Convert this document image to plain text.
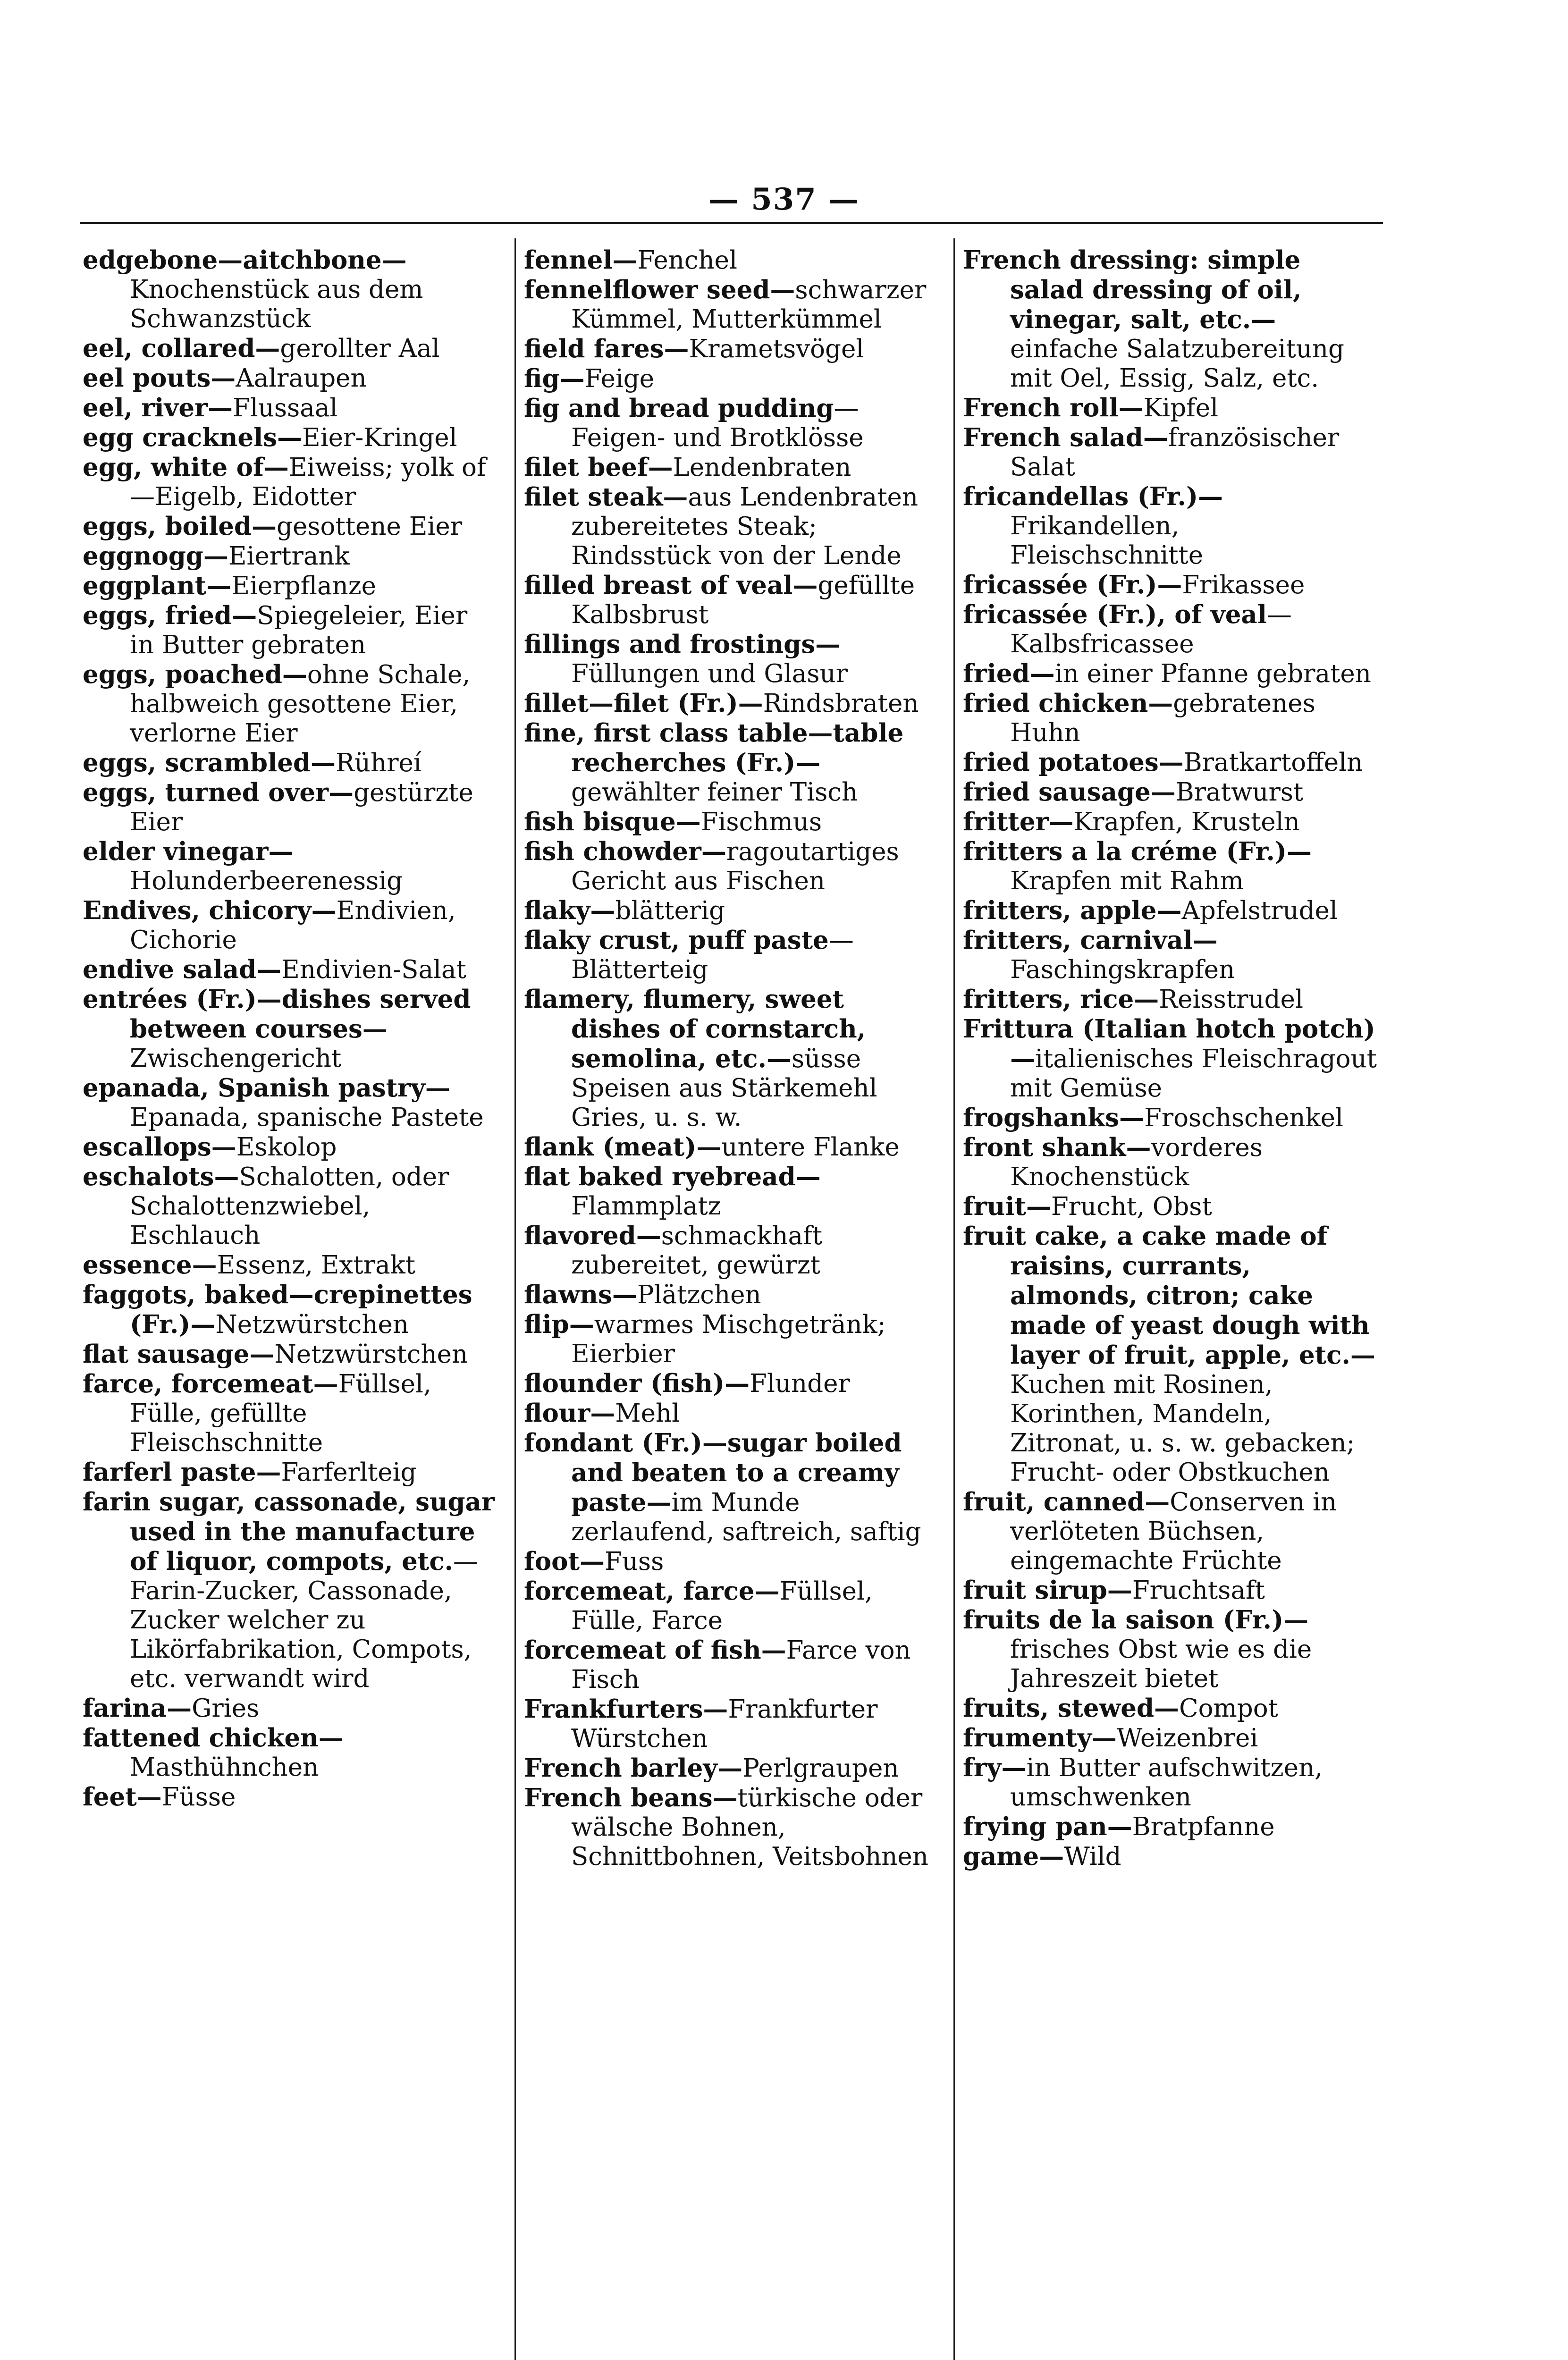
— 537 —

edgebone—aitchbone—Knochenstück aus dem Schwanzstück

eel, collared—gerollter Aal

eel pouts—Aalraupen

eel, river—Flussaal

egg cracknels—Eier-Kringel

egg, white of—Eiweiss; yolk of—Eigelb, Eidotter

eggs, boiled—gesottene Eier

eggnogg—Eiertrank

eggplant—Eierpflanze

eggs, fried—Spiegeleier, Eier in Butter gebraten

eggs, poached—ohne Schale, halbweich gesottene Eier, verlorne Eier

eggs, scrambled—Rühreí

eggs, turned over—gestürzte Eier

elder vinegar—Holunderbeerenessig

Endives, chicory—Endivien, Cichorie

endive salad—Endivien-Salat

entrées (Fr.)—dishes served between courses—Zwischengericht

epanada, Spanish pastry—Epanada, spanische Pastete

escallops—Eskolop

eschalots—Schalotten, oder Schalottenzwiebel, Eschlauch

essence—Essenz, Extrakt

faggots, baked—crepinettes (Fr.)—Netzwürstchen

flat sausage—Netzwürstchen

farce, forcemeat—Füllsel, Fülle, gefüllte Fleischschnitte

farferl paste—Farferlteig

farin sugar, cassonade, sugar used in the manufacture of liquor, compots, etc.—Farin-Zucker, Cassonade, Zucker welcher zu Likörfabrikation, Compots, etc. verwandt wird

farina—Gries

fattened chicken—Masthühnchen

feet—Füsse

fennel—Fenchel

fennelflower seed—schwarzer Kümmel, Mutterkümmel

field fares—Krametsvögel

fig—Feige

fig and bread pudding—Feigen- und Brotklösse

filet beef—Lendenbraten

filet steak—aus Lendenbraten zubereitetes Steak; Rindsstück von der Lende

filled breast of veal—gefüllte Kalbsbrust

fillings and frostings—Füllungen und Glasur

fillet—filet (Fr.)—Rindsbraten

fine, first class table—table recherches (Fr.)—gewählter feiner Tisch

fish bisque—Fischmus

fish chowder—ragoutartiges Gericht aus Fischen

flaky—blätterig

flaky crust, puff paste—Blätterteig

flamery, flumery, sweet dishes of cornstarch, semolina, etc.—süsse Speisen aus Stärkemehl Gries, u. s. w.

flank (meat)—untere Flanke

flat baked ryebread—Flammplatz

flavored—schmackhaft zubereitet, gewürzt

flawns—Plätzchen

flip—warmes Mischgetränk; Eierbier

flounder (fish)—Flunder

flour—Mehl

fondant (Fr.)—sugar boiled and beaten to a creamy paste—im Munde zerlaufend, saftreich, saftig

foot—Fuss

forcemeat, farce—Füllsel, Fülle, Farce

forcemeat of fish—Farce von Fisch

Frankfurters—Frankfurter Würstchen

French barley—Perlgraupen

French beans—türkische oder wälsche Bohnen, Schnittbohnen, Veitsbohnen

French dressing: simple salad dressing of oil, vinegar, salt, etc.—einfache Salatzubereitung mit Oel, Essig, Salz, etc.

French roll—Kipfel

French salad—französischer Salat

fricandellas (Fr.)—Frikandellen, Fleischschnitte

fricassée (Fr.)—Frikassee

fricassée (Fr.), of veal—Kalbsfricassee

fried—in einer Pfanne gebraten

fried chicken—gebratenes Huhn

fried potatoes—Bratkartoffeln

fried sausage—Bratwurst

fritter—Krapfen, Krusteln

fritters a la créme (Fr.)—Krapfen mit Rahm

fritters, apple—Apfelstrudel

fritters, carnival—Faschingskrapfen

fritters, rice—Reisstrudel

Frittura (Italian hotch potch)—italienisches Fleischragout mit Gemüse

frogshanks—Froschschenkel

front shank—vorderes Knochenstück

fruit—Frucht, Obst

fruit cake, a cake made of raisins, currants, almonds, citron; cake made of yeast dough with layer of fruit, apple, etc.—Kuchen mit Rosinen, Korinthen, Mandeln, Zitronat, u. s. w. gebacken; Frucht- oder Obstkuchen

fruit, canned—Conserven in verlöteten Büchsen, eingemachte Früchte

fruit sirup—Fruchtsaft

fruits de la saison (Fr.)—frisches Obst wie es die Jahreszeit bietet

fruits, stewed—Compot

frumenty—Weizenbrei

fry—in Butter aufschwitzen, umschwenken

frying pan—Bratpfanne

game—Wild
